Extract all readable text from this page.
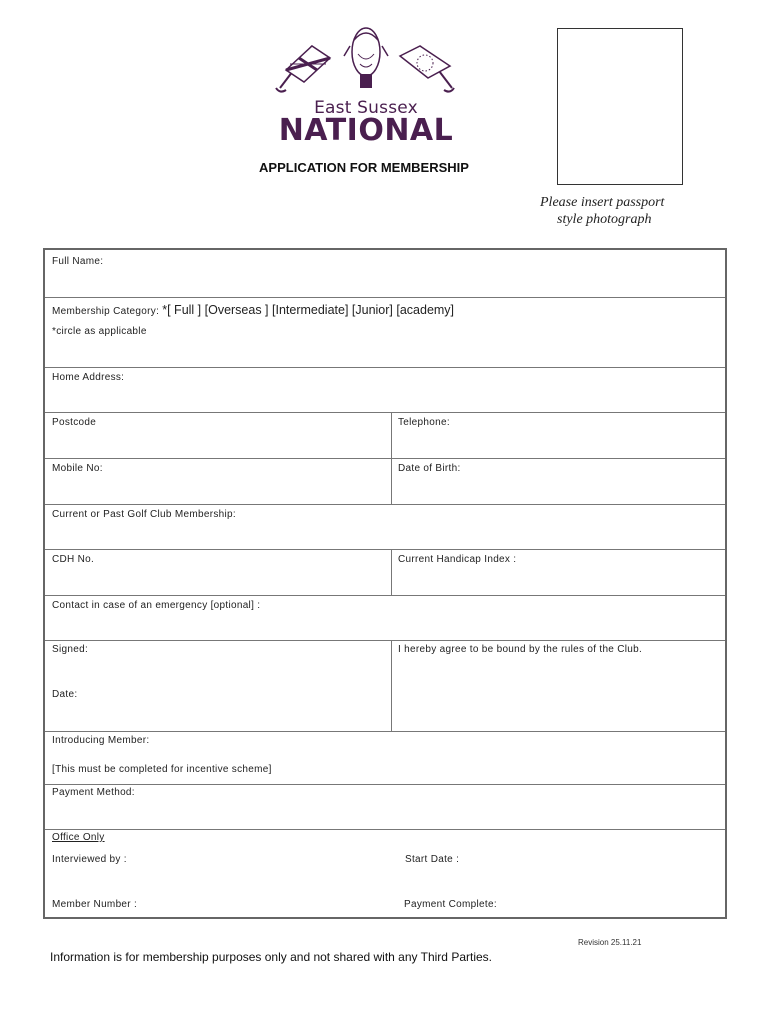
East Sussex
NATIONAL
APPLICATION FOR MEMBERSHIP
Please insert passport
style photograph
Full Name:
Membership Category: *[ Full ] [Overseas ] [Intermediate] [Junior] [academy]
*circle as applicable
Home Address:
Postcode	Telephone:
Mobile No:	Date of Birth:
Current or Past Golf Club Membership:
CDH No.	Current Handicap Index :
Contact in case of an emergency [optional] :
Signed:
Date:
I hereby agree to be bound by the rules of the Club.
Introducing Member:
[This must be completed for incentive scheme]
Payment Method:
Office Only
Interviewed by :	Start Date :
Member Number :	Payment Complete:
Revision 25.11.21
Information is for membership purposes only and not shared with any Third Parties.
